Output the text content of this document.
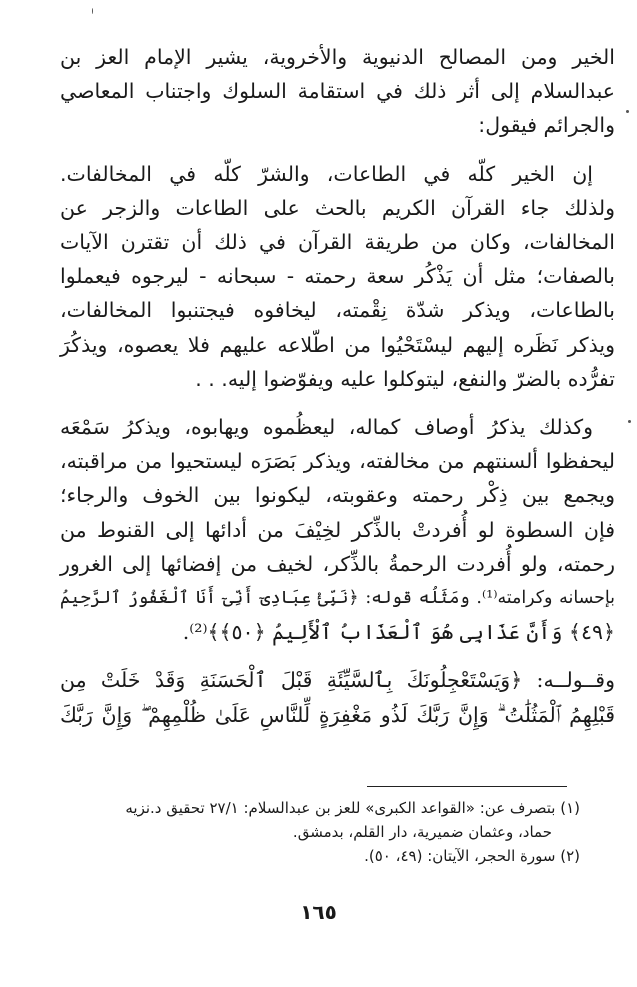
الخير ومن المصالح الدنيوية والأخروية، يشير الإمام العز بن
عبدالسلام إلى أثر ذلك في استقامة السلوك واجتناب المعاصي
والجرائم فيقول:

إن الخير كلّه في الطاعات، والشرّ كلّه في المخالفات.
ولذلك جاء القرآن الكريم بالحث على الطاعات والزجر عن
المخالفات، وكان من طريقة القرآن في ذلك أن تقترن الآيات
بالصفات؛ مثل أن يَذْكُر سعة رحمته - سبحانه - ليرجوه فيعملوا
بالطاعات، ويذكر شدّة نِقْمته، ليخافوه فيجتنبوا المخالفات،
ويذكر نَظَره إليهم ليسْتَحْيُوا من اطّلاعه عليهم فلا يعصوه، ويذكُرَ
تفرُّده بالضرّ والنفع، ليتوكلوا عليه ويفوّضوا إليه. . .

وكذلك يذكرُ أوصاف كماله، ليعظُموه ويهابوه، ويذكرُ سَمْعَه
ليحفظوا ألسنتهم من مخالفته، ويذكر بَصَرَه ليستحيوا من مراقبته،
ويجمع بين ذِكْر رحمته وعقوبته، ليكونوا بين الخوف والرجاء؛
فإن السطوة لو أُفردتْ بالذِّكر لخِيْفَ من أدائها إلى القنوط من
رحمته، ولو أُفردت الرحمةُ بالذِّكر، لخيف من إفضائها إلى الغرور
بإحسانه وكرامته⁽¹⁾. ومَثَلُه قوله: ﴿نَبِّئْ عِبَادِىٓ أَنِّىٓ أَنَا ٱلْغَفُورُ ٱلرَّحِيمُ
﴿٤٩﴾ وَأَنَّ عَذَابِى هُوَ ٱلْعَذَابُ ٱلْأَلِيمُ ﴿٥٠﴾﴾⁽²⁾.

وقــولــه: ﴿وَيَسْتَعْجِلُونَكَ بِٱلسَّيِّئَةِ قَبْلَ ٱلْحَسَنَةِ وَقَدْ خَلَتْ مِن
قَبْلِهِمُ ٱلْمَثُلَٰتُ ۗ وَإِنَّ رَبَّكَ لَذُو مَغْفِرَةٍ لِّلنَّاسِ عَلَىٰ ظُلْمِهِمْ ۖ وَإِنَّ رَبَّكَ

(١) بتصرف عن: «القواعد الكبرى» للعز بن عبدالسلام: ٢٧/١ تحقيق د.نزيه
حماد، وعثمان ضميرية، دار القلم، بدمشق.
(٢) سورة الحجر، الآيتان: (٤٩، ٥٠).
١٦٥
